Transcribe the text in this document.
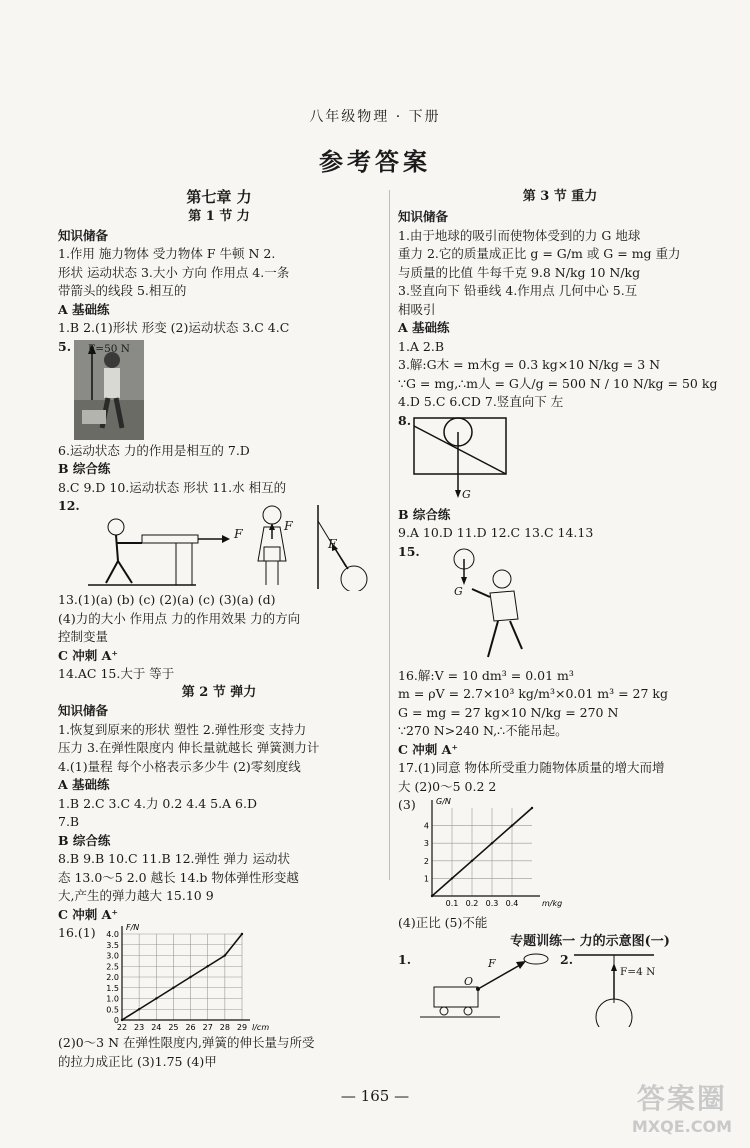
八年级物理 · 下册
参考答案
第七章 力
第 1 节 力
知识储备
1.作用 施力物体 受力物体 F 牛顿 N 2.
形状 运动状态 3.大小 方向 作用点 4.一条
带箭头的线段 5.相互的
A 基础练
1.B 2.(1)形状 形变 (2)运动状态 3.C 4.C
5. F=50 N
6.运动状态 力的作用是相互的 7.D
B 综合练
8.C 9.D 10.运动状态 形状 11.水 相互的
12.
F
F
F
13.(1)(a) (b) (c) (2)(a) (c) (3)(a) (d)
(4)力的大小 作用点 力的作用效果 力的方向
控制变量
C 冲刺 A⁺
14.AC 15.大于 等于
第 2 节 弹力
知识储备
1.恢复到原来的形状 塑性 2.弹性形变 支持力
压力 3.在弹性限度内 伸长量就越长 弹簧测力计
4.(1)量程 每个小格表示多少牛 (2)零刻度线
A 基础练
1.B 2.C 3.C 4.力 0.2 4.4 5.A 6.D
7.B
B 综合练
8.B 9.B 10.C 11.B 12.弹性 弹力 运动状
态 13.0～5 2.0 越长 14.b 物体弹性形变越
大,产生的弹力越大 15.10 9
C 冲刺 A⁺
16.(1)
22 23 24 25 26 27 28 29
0
0.5
1.0
1.5
2.0
2.5
3.0
3.5
4.0
l/cm
F/N
(2)0～3 N 在弹性限度内,弹簧的伸长量与所受
的拉力成正比 (3)1.75 (4)甲
第 3 节 重力
知识储备
1.由于地球的吸引而使物体受到的力 G 地球
重力 2.它的质量成正比 g = G/m 或 G = mg 重力
与质量的比值 牛每千克 9.8 N/kg 10 N/kg
3.竖直向下 铅垂线 4.作用点 几何中心 5.互
相吸引
A 基础练
1.A 2.B
3.解:G木 = m木g = 0.3 kg×10 N/kg = 3 N
∵G = mg,∴m人 = G人/g = 500 N / 10 N/kg = 50 kg
4.D 5.C 6.CD 7.竖直向下 左
8.
G
B 综合练
9.A 10.D 11.D 12.C 13.C 14.13
15.
G
16.解:V = 10 dm³ = 0.01 m³
m = ρV = 2.7×10³ kg/m³×0.01 m³ = 27 kg
G = mg = 27 kg×10 N/kg = 270 N
∵270 N>240 N,∴不能吊起。
C 冲刺 A⁺
17.(1)同意 物体所受重力随物体质量的增大而增
大 (2)0～5 0.2 2
(3)
0.1 0.2 0.3 0.4
1
2
3
4
m/kg
G/N
(4)正比 (5)不能
专题训练一 力的示意图(一)
1.	F
O
2.
F=4 N
— 165 —	答案圈
MXQE.COM
